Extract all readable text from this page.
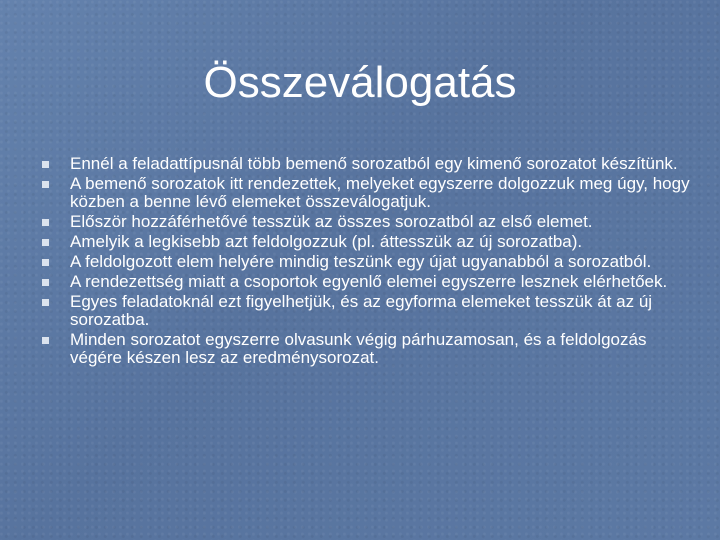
Összeválogatás
Ennél a feladattípusnál több bemenő sorozatból egy kimenő sorozatot készítünk.
A bemenő sorozatok itt rendezettek, melyeket egyszerre dolgozzuk meg úgy, hogy közben a benne lévő elemeket összeválogatjuk.
Először hozzáférhetővé tesszük az összes sorozatból az első elemet.
Amelyik a legkisebb azt feldolgozzuk (pl. áttesszük az új sorozatba).
A feldolgozott elem helyére mindig teszünk egy újat ugyanabból a sorozatból.
A rendezettség miatt a csoportok egyenlő elemei egyszerre lesznek elérhetőek.
Egyes feladatoknál ezt figyelhetjük, és az egyforma elemeket tesszük át az új sorozatba.
Minden sorozatot egyszerre olvasunk végig párhuzamosan, és a feldolgozás végére készen lesz az eredménysorozat.
